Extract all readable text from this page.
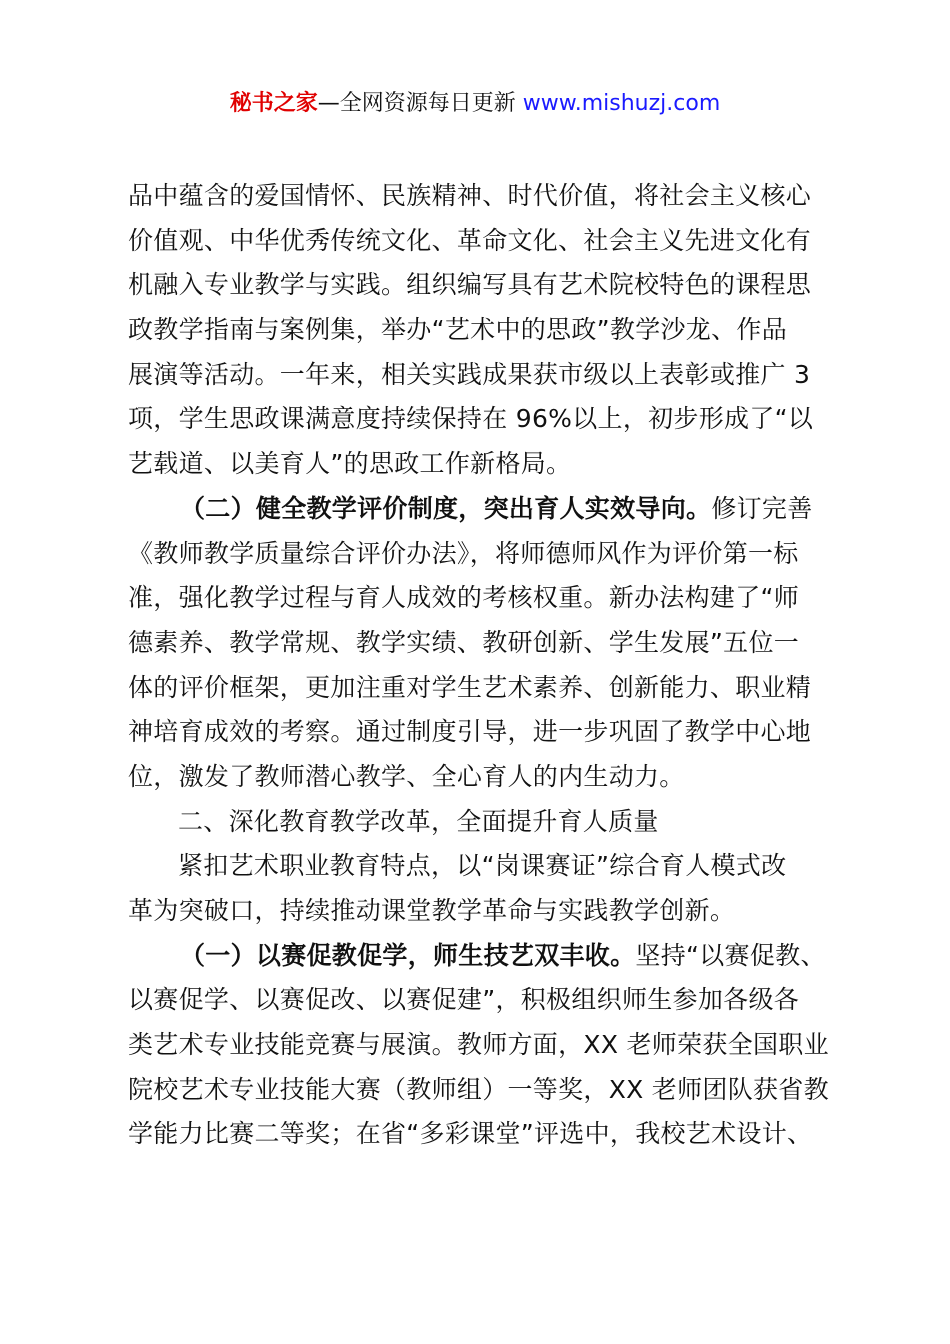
秘书之家—全网资源每日更新 www.mishuzj.com
品中蕴含的爱国情怀、民族精神、时代价值，将社会主义核心
价值观、中华优秀传统文化、革命文化、社会主义先进文化有
机融入专业教学与实践。组织编写具有艺术院校特色的课程思
政教学指南与案例集，举办“艺术中的思政”教学沙龙、作品
展演等活动。一年来，相关实践成果获市级以上表彰或推广 3
项，学生思政课满意度持续保持在 96%以上，初步形成了“以
艺载道、以美育人”的思政工作新格局。
（二）健全教学评价制度，突出育人实效导向。修订完善
《教师教学质量综合评价办法》，将师德师风作为评价第一标
准，强化教学过程与育人成效的考核权重。新办法构建了“师
德素养、教学常规、教学实绩、教研创新、学生发展”五位一
体的评价框架，更加注重对学生艺术素养、创新能力、职业精
神培育成效的考察。通过制度引导，进一步巩固了教学中心地
位，激发了教师潜心教学、全心育人的内生动力。
二、深化教育教学改革，全面提升育人质量
紧扣艺术职业教育特点，以“岗课赛证”综合育人模式改
革为突破口，持续推动课堂教学革命与实践教学创新。
（一）以赛促教促学，师生技艺双丰收。坚持“以赛促教、
以赛促学、以赛促改、以赛促建”，积极组织师生参加各级各
类艺术专业技能竞赛与展演。教师方面，XX 老师荣获全国职业
院校艺术专业技能大赛（教师组）一等奖，XX 老师团队获省教
学能力比赛二等奖；在省“多彩课堂”评选中，我校艺术设计、
